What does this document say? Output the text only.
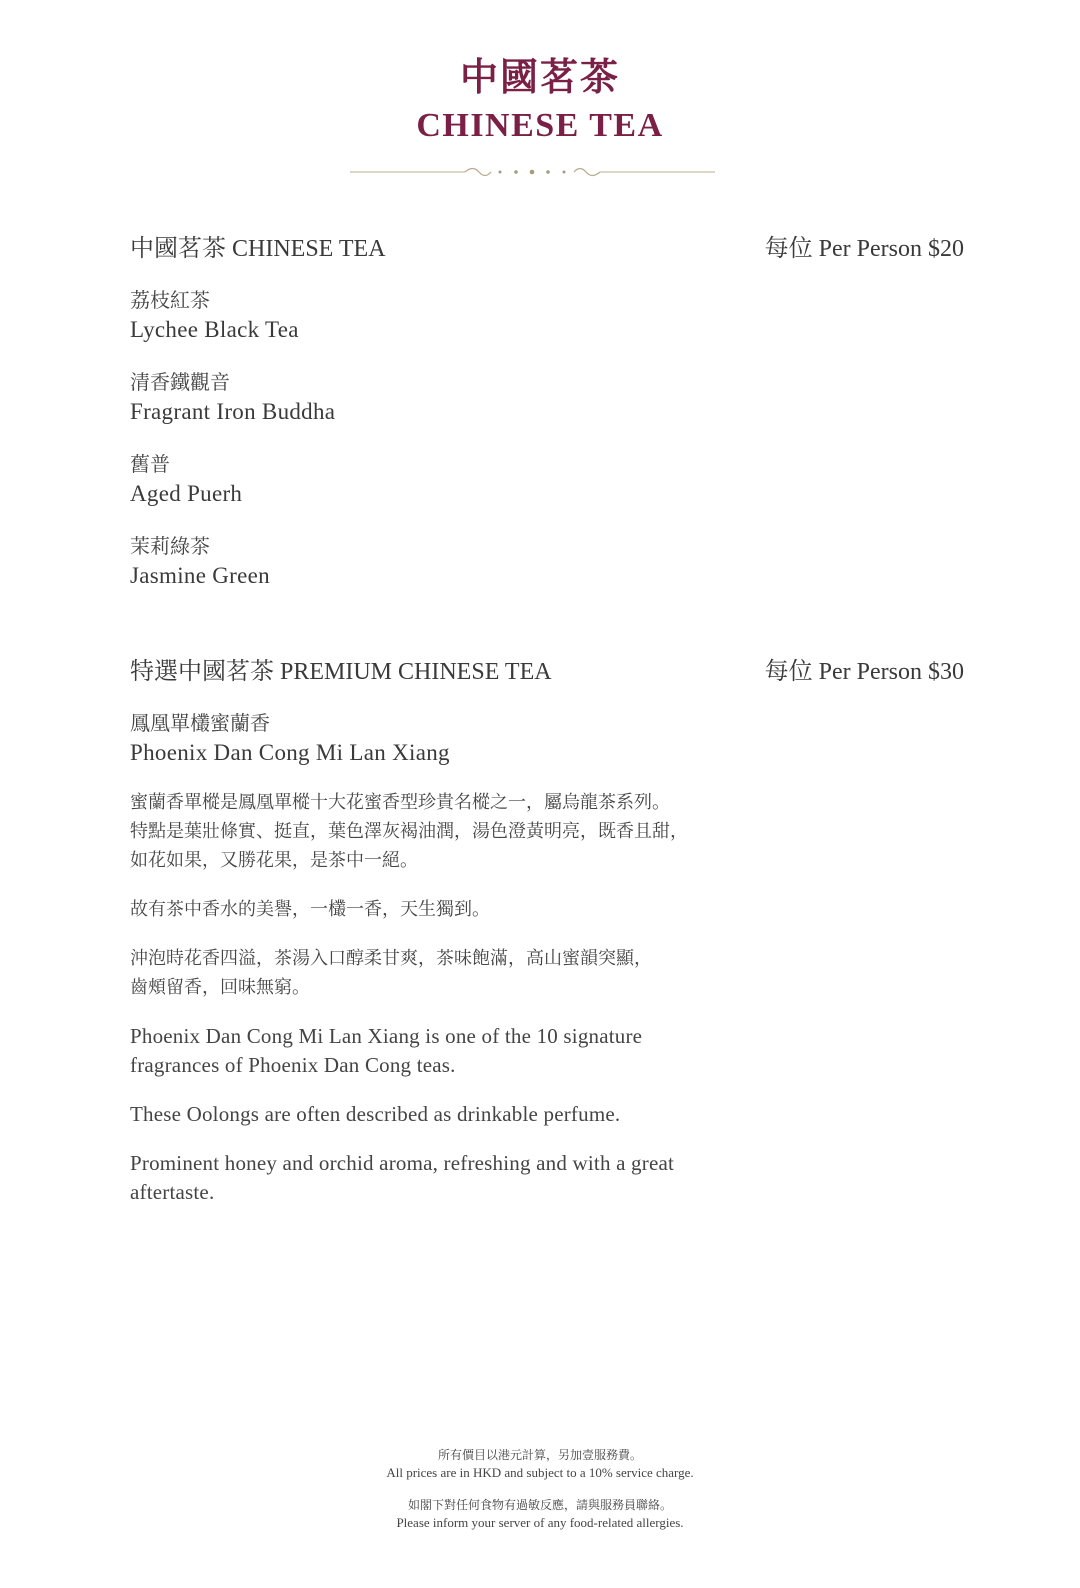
中國茗茶
CHINESE TEA
中國茗茶 CHINESE TEA	每位 Per Person $20
荔枝紅茶
Lychee Black Tea
清香鐵觀音
Fragrant Iron Buddha
舊普
Aged Puerh
茉莉綠茶
Jasmine Green
特選中國茗茶 PREMIUM CHINESE TEA	每位 Per Person $30
鳳凰單欉蜜蘭香
Phoenix Dan Cong Mi Lan Xiang

蜜蘭香單樅是鳳凰單樅十大花蜜香型珍貴名樅之一，屬烏龍茶系列。
特點是葉壯條實、挺直，葉色澤灰褐油潤，湯色澄黃明亮，既香且甜，
如花如果，又勝花果，是茶中一絕。

故有茶中香水的美譽，一欉一香，天生獨到。

沖泡時花香四溢，茶湯入口醇柔甘爽，茶味飽滿，高山蜜韻突顯，
齒頰留香，回味無窮。

Phoenix Dan Cong Mi Lan Xiang is one of the 10 signature fragrances of Phoenix Dan Cong teas.

These Oolongs are often described as drinkable perfume.

Prominent honey and orchid aroma, refreshing and with a great aftertaste.

所有價目以港元計算，另加壹服務費。
All prices are in HKD and subject to a 10% service charge.
如閣下對任何食物有過敏反應，請與服務員聯絡。
Please inform your server of any food-related allergies.
